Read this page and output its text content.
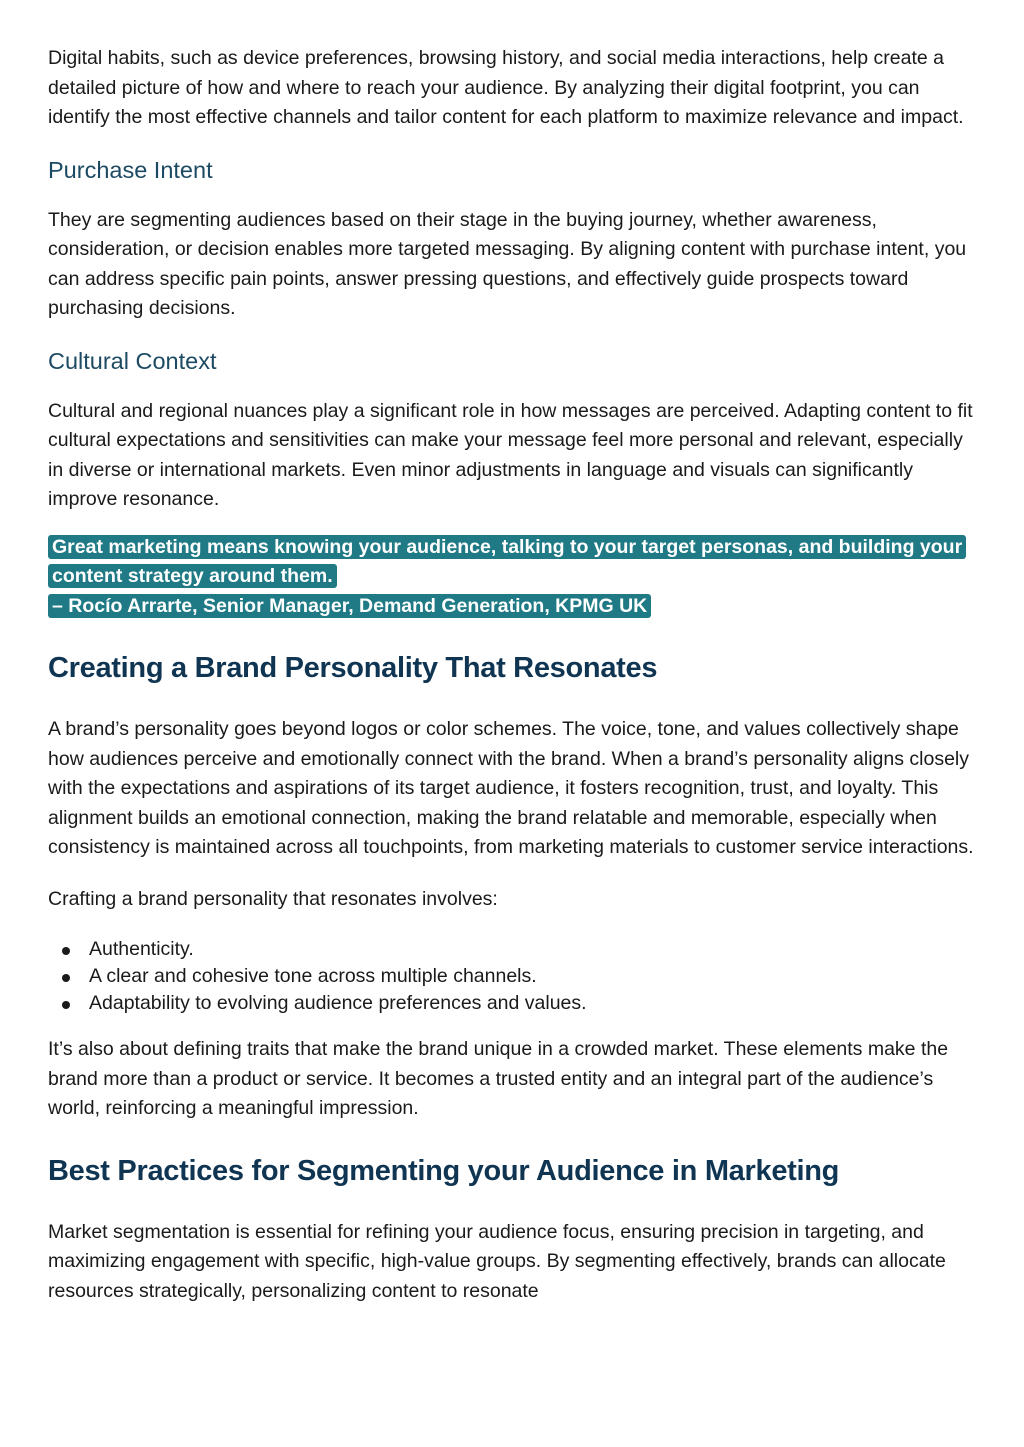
Digital habits, such as device preferences, browsing history, and social media interactions, help create a detailed picture of how and where to reach your audience. By analyzing their digital footprint, you can identify the most effective channels and tailor content for each platform to maximize relevance and impact.

Purchase Intent

They are segmenting audiences based on their stage in the buying journey, whether awareness, consideration, or decision enables more targeted messaging. By aligning content with purchase intent, you can address specific pain points, answer pressing questions, and effectively guide prospects toward purchasing decisions.

Cultural Context

Cultural and regional nuances play a significant role in how messages are perceived. Adapting content to fit cultural expectations and sensitivities can make your message feel more personal and relevant, especially in diverse or international markets. Even minor adjustments in language and visuals can significantly improve resonance.

Great marketing means knowing your audience, talking to your target personas, and building your content strategy around them.
– Rocío Arrarte, Senior Manager, Demand Generation, KPMG UK
Creating a Brand Personality That Resonates

A brand’s personality goes beyond logos or color schemes. The voice, tone, and values collectively shape how audiences perceive and emotionally connect with the brand. When a brand’s personality aligns closely with the expectations and aspirations of its target audience, it fosters recognition, trust, and loyalty. This alignment builds an emotional connection, making the brand relatable and memorable, especially when consistency is maintained across all touchpoints, from marketing materials to customer service interactions.

Crafting a brand personality that resonates involves:

Authenticity.
A clear and cohesive tone across multiple channels.
Adaptability to evolving audience preferences and values.

It’s also about defining traits that make the brand unique in a crowded market. These elements make the brand more than a product or service. It becomes a trusted entity and an integral part of the audience’s world, reinforcing a meaningful impression.

Best Practices for Segmenting your Audience in Marketing

Market segmentation is essential for refining your audience focus, ensuring precision in targeting, and maximizing engagement with specific, high-value groups. By segmenting effectively, brands can allocate resources strategically, personalizing content to resonate
